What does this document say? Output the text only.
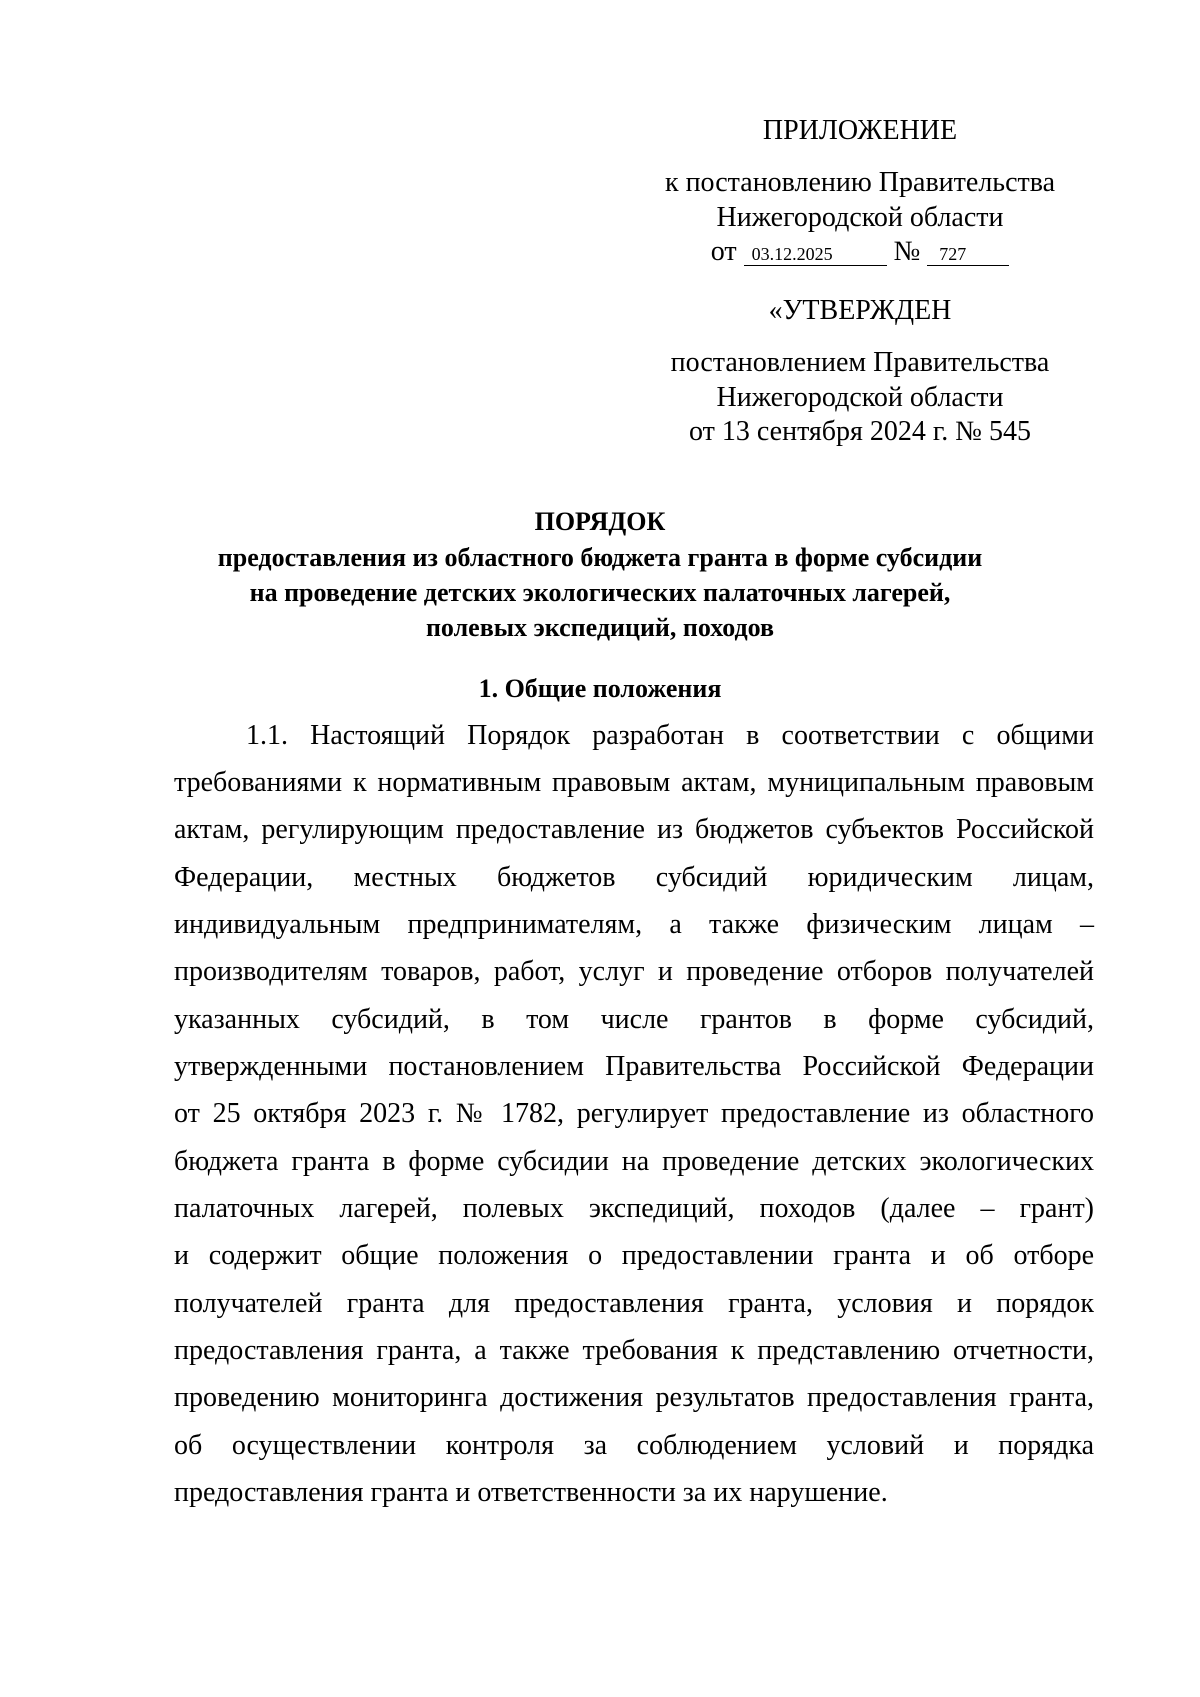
ПРИЛОЖЕНИЕ
к постановлению Правительства
Нижегородской области
от 03.12.2025 № 727
«УТВЕРЖДЕН
постановлением Правительства
Нижегородской области
от 13 сентября 2024 г. № 545
ПОРЯДОК
предоставления из областного бюджета гранта в форме субсидии
на проведение детских экологических палаточных лагерей,
полевых экспедиций, походов
1. Общие положения
1.1. Настоящий Порядок разработан в соответствии с общими
требованиями к нормативным правовым актам, муниципальным правовым
актам, регулирующим предоставление из бюджетов субъектов Российской
Федерации, местных бюджетов субсидий юридическим лицам,
индивидуальным предпринимателям, а также физическим лицам –
производителям товаров, работ, услуг и проведение отборов получателей
указанных субсидий, в том числе грантов в форме субсидий,
утвержденными постановлением Правительства Российской Федерации
от 25 октября 2023 г. № 1782, регулирует предоставление из областного
бюджета гранта в форме субсидии на проведение детских экологических
палаточных лагерей, полевых экспедиций, походов (далее – грант)
и содержит общие положения о предоставлении гранта и об отборе
получателей гранта для предоставления гранта, условия и порядок
предоставления гранта, а также требования к представлению отчетности,
проведению мониторинга достижения результатов предоставления гранта,
об осуществлении контроля за соблюдением условий и порядка
предоставления гранта и ответственности за их нарушение.
